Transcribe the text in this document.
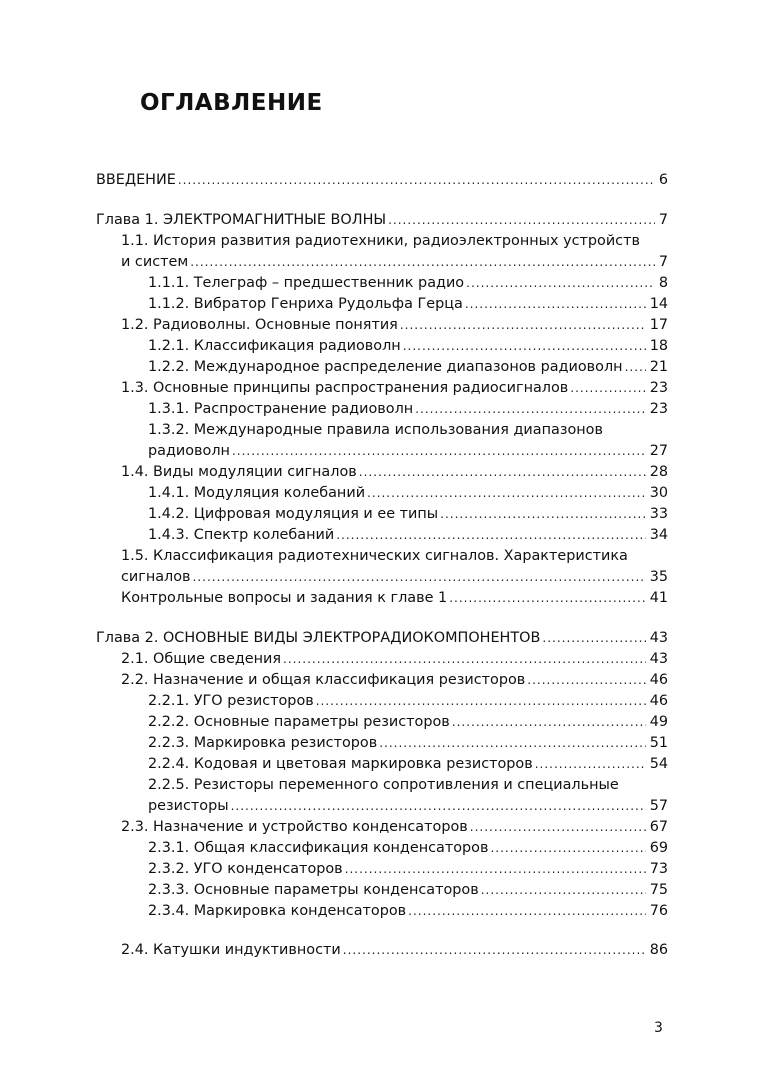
ОГЛАВЛЕНИЕ
ВВЕДЕНИЕ .....	6
Глава 1. ЭЛЕКТРОМАГНИТНЫЕ ВОЛНЫ .....	7
1.1. История развития радиотехники, радиоэлектронных устройств
и систем .....	7
1.1.1. Телеграф – предшественник радио .....	8
1.1.2. Вибратор Генриха Рудольфа Герца .....	14
1.2. Радиоволны. Основные понятия .....	17
1.2.1. Классификация радиоволн .....	18
1.2.2. Международное распределение диапазонов радиоволн ..... 21
1.3. Основные принципы распространения радиосигналов .....	23
1.3.1. Распространение радиоволн .....	23
1.3.2. Международные правила использования диапазонов
радиоволн .....	27
1.4. Виды модуляции сигналов .....	28
1.4.1. Модуляция колебаний .....	30
1.4.2. Цифровая модуляция и ее типы .....	33
1.4.3. Спектр колебаний .....	34
1.5. Классификация радиотехнических сигналов. Характеристика
сигналов .....	35
Контрольные вопросы и задания к главе 1 .....	41
Глава 2. ОСНОВНЫЕ ВИДЫ ЭЛЕКТРОРАДИОКОМПОНЕНТОВ .....	43
2.1. Общие сведения .....	43
2.2. Назначение и общая классификация резисторов .....	46
2.2.1. УГО резисторов .....	46
2.2.2. Основные параметры резисторов .....	49
2.2.3. Маркировка резисторов .....	51
2.2.4. Кодовая и цветовая маркировка резисторов .....	54
2.2.5. Резисторы переменного сопротивления и специальные
резисторы .....	57
2.3. Назначение и устройство конденсаторов .....	67
2.3.1. Общая классификация конденсаторов .....	69
2.3.2. УГО конденсаторов .....	73
2.3.3. Основные параметры конденсаторов .....	75
2.3.4. Маркировка конденсаторов .....	76
2.4. Катушки индуктивности .....	86
3
